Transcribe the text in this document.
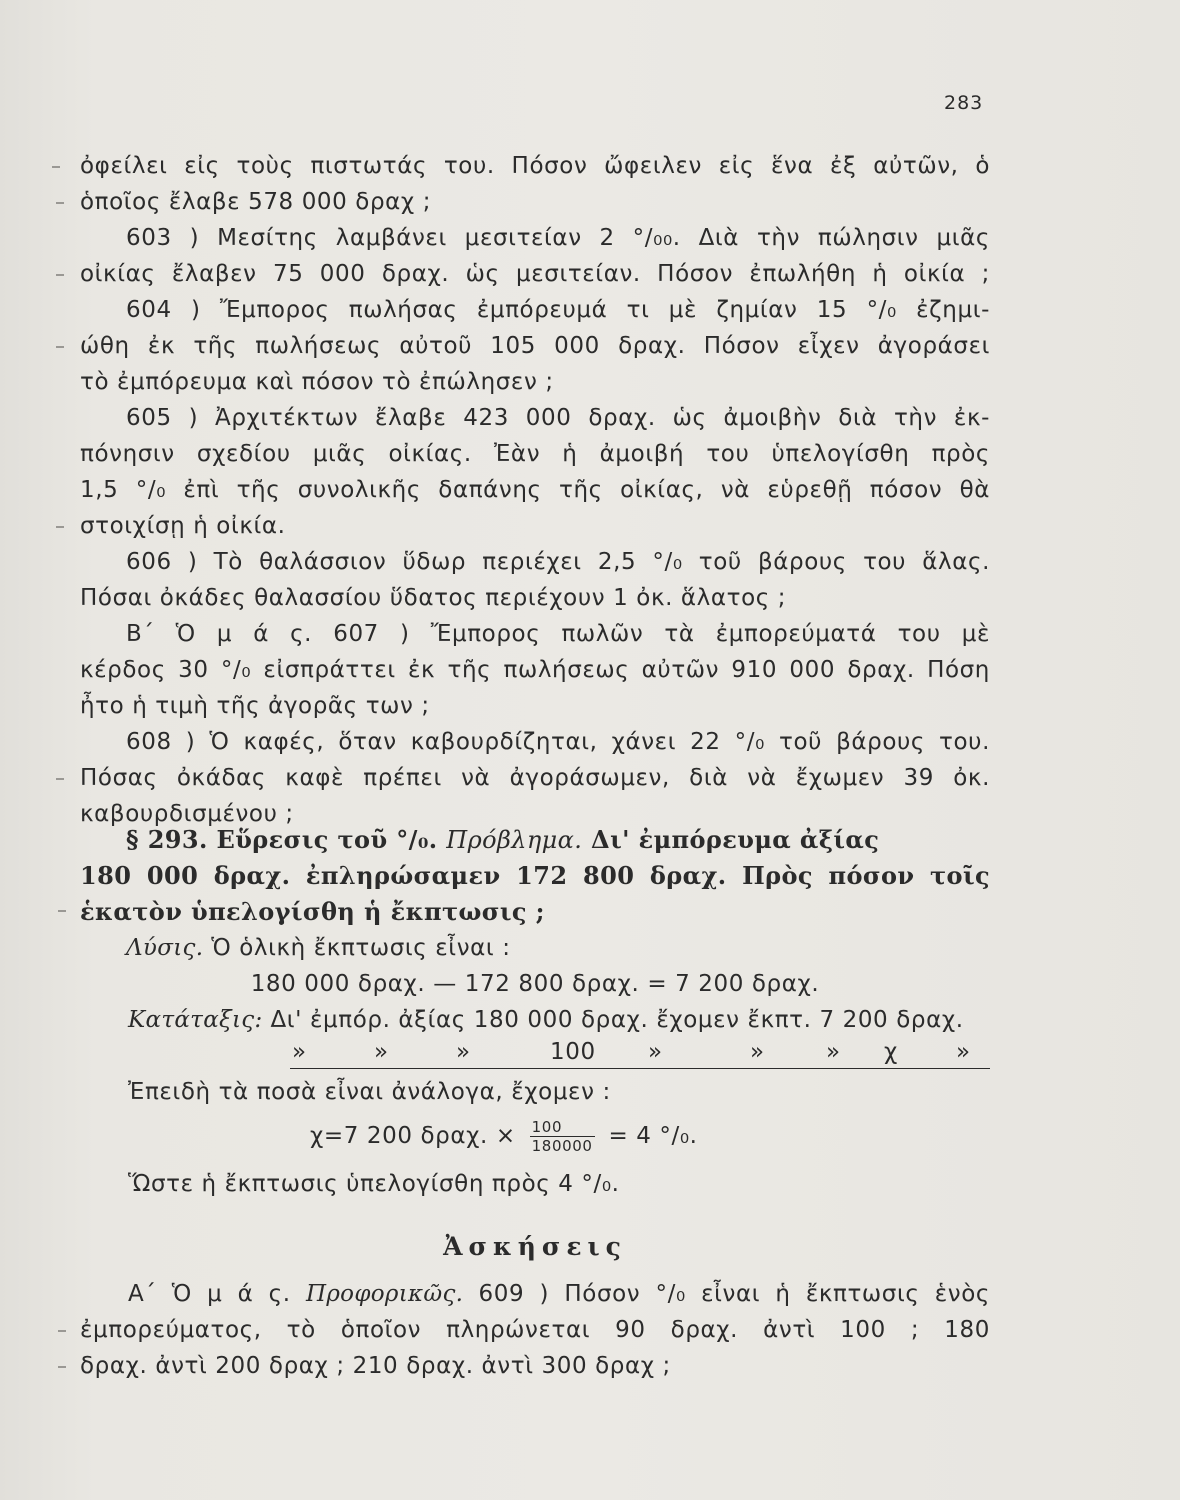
283
ὀφείλει εἰς τοὺς πιστωτάς του. Πόσον ὤφειλεν εἰς ἕνα ἐξ αὐτῶν, ὁ
ὁποῖος ἔλαβε 578 000 δραχ ;
603 ) Μεσίτης λαμβάνει μεσιτείαν 2 °/₀₀. Διὰ τὴν πώλησιν μιᾶς
οἰκίας ἔλαβεν 75 000 δραχ. ὡς μεσιτείαν. Πόσον ἐπωλήθη ἡ οἰκία ;
604 ) Ἔμπορος πωλήσας ἐμπόρευμά τι μὲ ζημίαν 15 °/₀ ἐζημι-
ώθη ἐκ τῆς πωλήσεως αὐτοῦ 105 000 δραχ. Πόσον εἶχεν ἀγοράσει
τὸ ἐμπόρευμα καὶ πόσον τὸ ἐπώλησεν ;
605 ) Ἀρχιτέκτων ἔλαβε 423 000 δραχ. ὡς ἀμοιβὴν διὰ τὴν ἐκ-
πόνησιν σχεδίου μιᾶς οἰκίας. Ἐὰν ἡ ἀμοιβή του ὑπελογίσθη πρὸς
1,5 °/₀ ἐπὶ τῆς συνολικῆς δαπάνης τῆς οἰκίας, νὰ εὑρεθῇ πόσον θὰ
στοιχίσῃ ἡ οἰκία.
606 ) Τὸ θαλάσσιον ὕδωρ περιέχει 2,5 °/₀ τοῦ βάρους του ἅλας.
Πόσαι ὀκάδες θαλασσίου ὕδατος περιέχουν 1 ὀκ. ἅλατος ;
Β΄ Ὁ μ ά ς. 607 ) Ἔμπορος πωλῶν τὰ ἐμπορεύματά του μὲ
κέρδος 30 °/₀ εἰσπράττει ἐκ τῆς πωλήσεως αὐτῶν 910 000 δραχ. Πόση
ἦτο ἡ τιμὴ τῆς ἀγορᾶς των ;
608 ) Ὁ καφές, ὅταν καβουρδίζηται, χάνει 22 °/₀ τοῦ βάρους του.
Πόσας ὀκάδας καφὲ πρέπει νὰ ἀγοράσωμεν, διὰ νὰ ἔχωμεν 39 ὀκ.
καβουρδισμένου ;
§ 293. Εὕρεσις τοῦ °/₀. Πρόβλημα. Δι' ἐμπόρευμα ἀξίας
180 000 δραχ. ἐπληρώσαμεν 172 800 δραχ. Πρὸς πόσον τοῖς
ἑκατὸν ὑπελογίσθη ἡ ἔκπτωσις ;
Λύσις. Ὁ ὁλικὴ ἔκπτωσις εἶναι :
180 000 δραχ. — 172 800 δραχ. = 7 200 δραχ.
Κατάταξις: Δι' ἐμπόρ. ἀξίας 180 000 δραχ. ἔχομεν ἔκπτ. 7 200 δραχ.
»	»	»	100 »	»	» χ	»
Ἐπειδὴ τὰ ποσὰ εἶναι ἀνάλογα, ἔχομεν :
χ=7 200 δραχ. × $\frac{100}{180000} = 4$ °/₀.
Ὥστε ἡ ἔκπτωσις ὑπελογίσθη πρὸς 4 °/₀.
Ἀσκήσεις
Α΄ Ὁ μ ά ς. Προφορικῶς. 609 ) Πόσον °/₀ εἶναι ἡ ἔκπτωσις ἑνὸς
ἐμπορεύματος, τὸ ὁποῖον πληρώνεται 90 δραχ. ἀντὶ 100 ; 180
δραχ. ἀντὶ 200 δραχ ; 210 δραχ. ἀντὶ 300 δραχ ;
